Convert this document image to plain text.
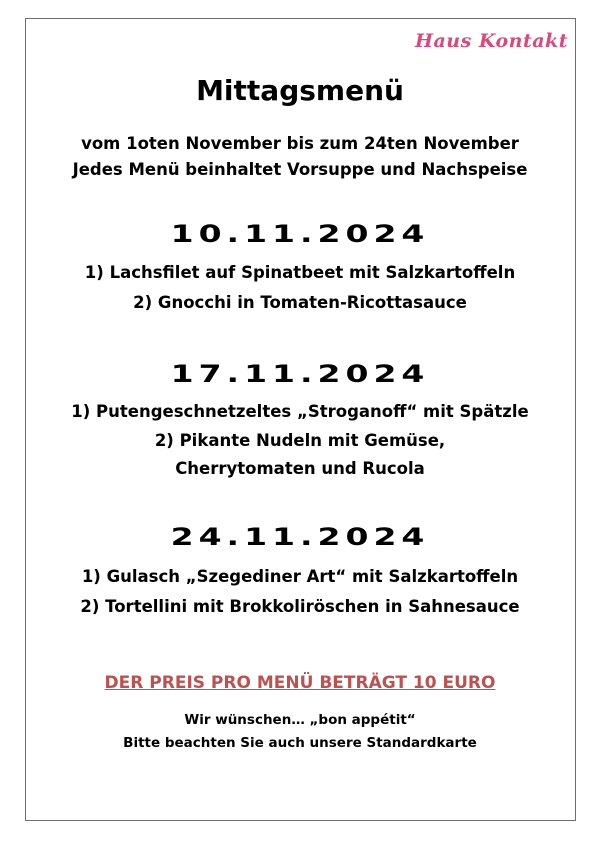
Haus Kontakt
Mittagsmenü
vom 1oten November bis zum 24ten November
Jedes Menü beinhaltet Vorsuppe und Nachspeise
10.11.2024
1) Lachsfilet auf Spinatbeet mit Salzkartoffeln
2) Gnocchi in Tomaten-Ricottasauce
17.11.2024
1) Putengeschnetzeltes „Stroganoff“ mit Spätzle
2) Pikante Nudeln mit Gemüse,
Cherrytomaten und Rucola
24.11.2024
1) Gulasch „Szegediner Art“ mit Salzkartoffeln
2) Tortellini mit Brokkoliröschen in Sahnesauce
DER PREIS PRO MENÜ BETRÄGT 10 EURO
Wir wünschen… „bon appétit“
Bitte beachten Sie auch unsere Standardkarte
